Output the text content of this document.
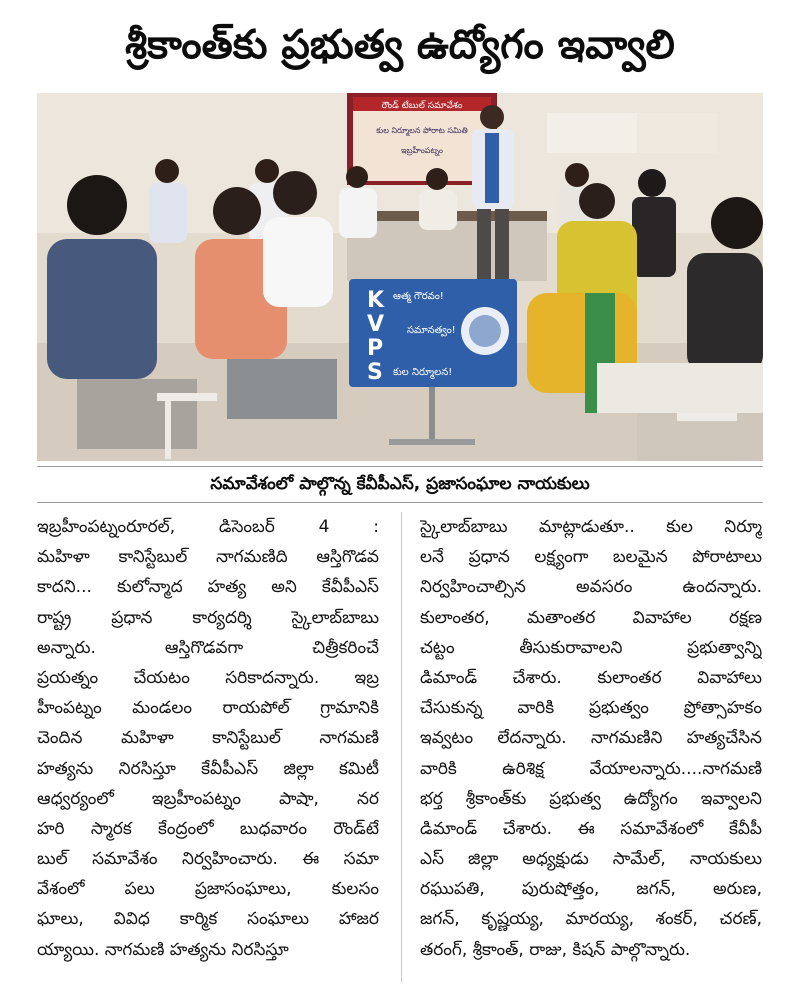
శ్రీకాంత్‌కు ప్రభుత్వ ఉద్యోగం ఇవ్వాలి
రౌండ్ టేబుల్ సమావేశం
కుల నిర్మూలన పోరాట సమితి
ఇబ్రహీంపట్నం
K
V
P
S
ఆత్మ గౌరవం!
సమానత్వం!
కుల నిర్మూలన!
సమావేశంలో పాల్గొన్న కేవీపీఎస్‌, ప్రజాసంఘాల నాయకులు
ఇబ్రహీంపట్నంరూరల్‌, డిసెంబర్‌ 4 :
మహిళా కానిస్టేబుల్‌ నాగమణిది ఆస్తిగొడవ
కాదని... కులోన్మాద హత్య అని కేవీపీఎస్‌
రాష్ట్ర ప్రధాన కార్యదర్శి స్కైలాబ్‌బాబు
అన్నారు. ఆస్తిగొడవగా చిత్రీకరించే
ప్రయత్నం చేయటం సరికాదన్నారు. ఇబ్ర
హీంపట్నం మండలం రాయపోల్‌ గ్రామానికి
చెందిన మహిళా కానిస్టేబుల్‌ నాగమణి
హత్యను నిరసిస్తూ కేవీపీఎస్‌ జిల్లా కమిటీ
ఆధ్వర్యంలో ఇబ్రహీంపట్నం పాషా, నర
హరి స్మారక కేంద్రంలో బుధవారం రౌండ్‌టే
బుల్‌ సమావేశం నిర్వహించారు. ఈ సమా
వేశంలో పలు ప్రజాసంఘాలు, కులసం
ఘాలు, వివిధ కార్మిక సంఘాలు హాజర
య్యాయి. నాగమణి హత్యను నిరసిస్తూ
స్కైలాబ్‌బాబు మాట్లాడుతూ.. కుల నిర్మూ
లనే ప్రధాన లక్ష్యంగా బలమైన పోరాటాలు
నిర్వహించాల్సిన అవసరం ఉందన్నారు.
కులాంతర, మతాంతర వివాహాల రక్షణ
చట్టం తీసుకురావాలని ప్రభుత్వాన్ని
డిమాండ్‌ చేశారు. కులాంతర వివాహాలు
చేసుకున్న వారికి ప్రభుత్వం ప్రోత్సాహకం
ఇవ్వటం లేదన్నారు. నాగమణిని హత్యచేసిన
వారికి ఉరిశిక్ష వేయాలన్నారు....నాగమణి
భర్త శ్రీకాంత్‌కు ప్రభుత్వ ఉద్యోగం ఇవ్వాలని
డిమాండ్‌ చేశారు. ఈ సమావేశంలో కేవీపీ
ఎస్‌ జిల్లా అధ్యక్షుడు సామేల్‌, నాయకులు
రఘుపతి, పురుషోత్తం, జగన్‌, అరుణ,
జగన్‌, కృష్ణయ్య, మారయ్య, శంకర్‌, చరణ్‌,
తరంగ్‌, శ్రీకాంత్‌, రాజు, కిషన్‌ పాల్గొన్నారు.
